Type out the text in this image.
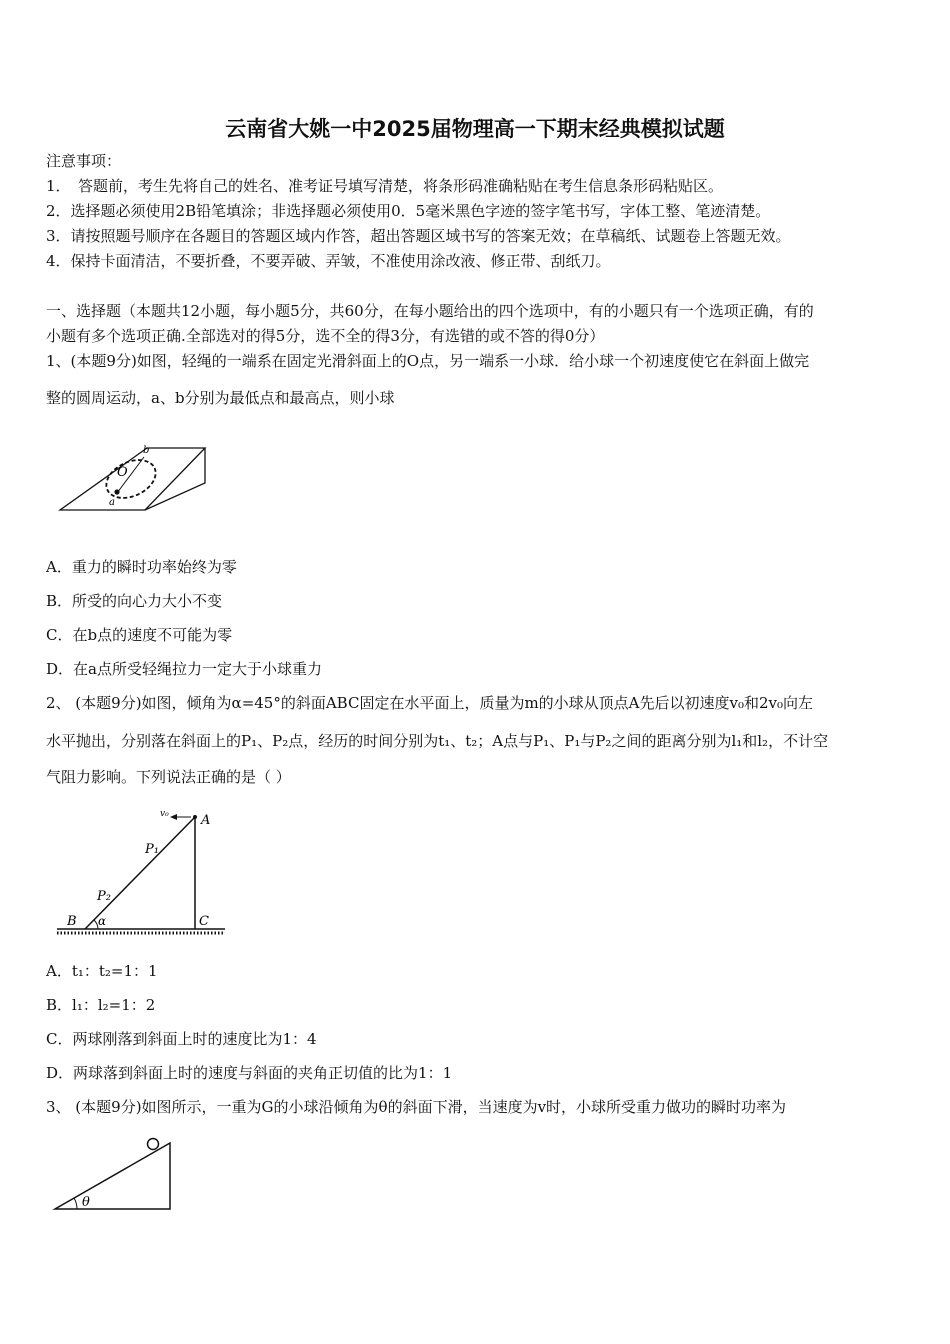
云南省大姚一中2025届物理高一下期末经典模拟试题
注意事项：
1．　答题前，考生先将自己的姓名、准考证号填写清楚，将条形码准确粘贴在考生信息条形码粘贴区。
2．选择题必须使用2B铅笔填涂；非选择题必须使用0．5毫米黑色字迹的签字笔书写，字体工整、笔迹清楚。
3．请按照题号顺序在各题目的答题区域内作答，超出答题区域书写的答案无效；在草稿纸、试题卷上答题无效。
4．保持卡面清洁，不要折叠，不要弄破、弄皱，不准使用涂改液、修正带、刮纸刀。
一、选择题（本题共12小题，每小题5分，共60分，在每小题给出的四个选项中，有的小题只有一个选项正确，有的
小题有多个选项正确.全部选对的得5分，选不全的得3分，有选错的或不答的得0分）
1、(本题9分)如图，轻绳的一端系在固定光滑斜面上的O点，另一端系一小球．给小球一个初速度使它在斜面上做完
整的圆周运动，a、b分别为最低点和最高点，则小球
O
a
b
A．重力的瞬时功率始终为零
B．所受的向心力大小不变
C．在b点的速度不可能为零
D．在a点所受轻绳拉力一定大于小球重力
2、 (本题9分)如图，倾角为α=45°的斜面ABC固定在水平面上，质量为m的小球从顶点A先后以初速度v₀和2v₀向左
水平抛出，分别落在斜面上的P₁、P₂点，经历的时间分别为t₁、t₂；A点与P₁、P₁与P₂之间的距离分别为l₁和l₂，不计空
气阻力影响。下列说法正确的是（ ）
v₀ A
P₁
P₂
B α	C
A．t₁：t₂=1：1
B．l₁：l₂=1：2
C．两球刚落到斜面上时的速度比为1：4
D．两球落到斜面上时的速度与斜面的夹角正切值的比为1：1
3、 (本题9分)如图所示，一重为G的小球沿倾角为θ的斜面下滑，当速度为v时，小球所受重力做功的瞬时功率为
θ
